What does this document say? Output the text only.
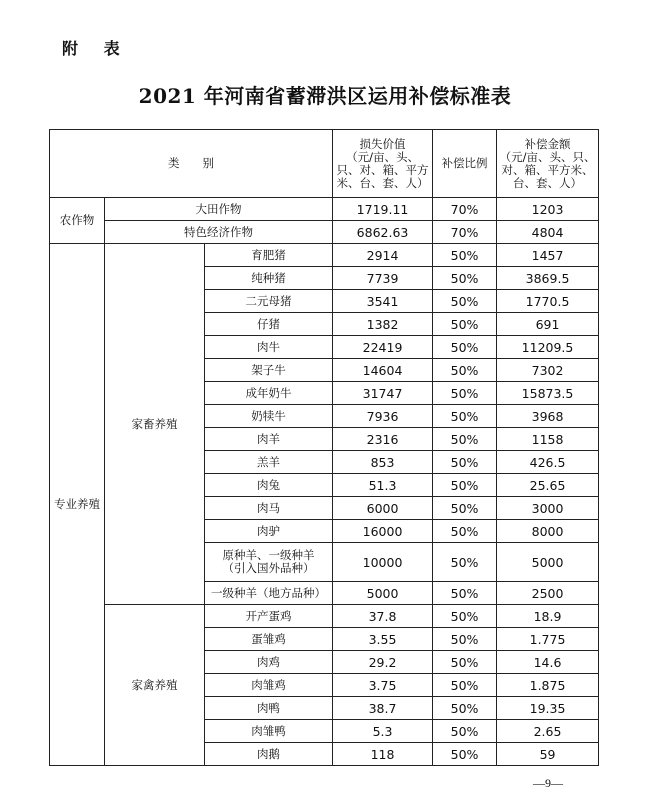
附 表
2021 年河南省蓄滞洪区运用补偿标准表
类　　别			损失价值
（元/亩、头、只、对、箱、平方米、台、套、人）	补偿比例	补偿金额
（元/亩、头、只、对、箱、平方米、台、套、人）

农作物	大田作物		1719.11	70%	1203
	特色经济作物		6862.63	70%	4804
专业养殖	家畜养殖	育肥猪	2914	50%	1457
		纯种猪	7739	50%	3869.5
		二元母猪	3541	50%	1770.5
		仔猪	1382	50%	691
		肉牛	22419	50%	11209.5
		架子牛	14604	50%	7302
		成年奶牛	31747	50%	15873.5
		奶犊牛	7936	50%	3968
		肉羊	2316	50%	1158
		羔羊	853	50%	426.5
		肉兔	51.3	50%	25.65
		肉马	6000	50%	3000
		肉驴	16000	50%	8000
		原种羊、一级种羊
（引入国外品种）	10000	50%	5000
		一级种羊（地方品种）	5000	50%	2500
	家禽养殖	开产蛋鸡	37.8	50%	18.9
		蛋雏鸡	3.55	50%	1.775
		肉鸡	29.2	50%	14.6
		肉雏鸡	3.75	50%	1.875
		肉鸭	38.7	50%	19.35
		肉雏鸭	5.3	50%	2.65
		肉鹅	118	50%	59
—9—
